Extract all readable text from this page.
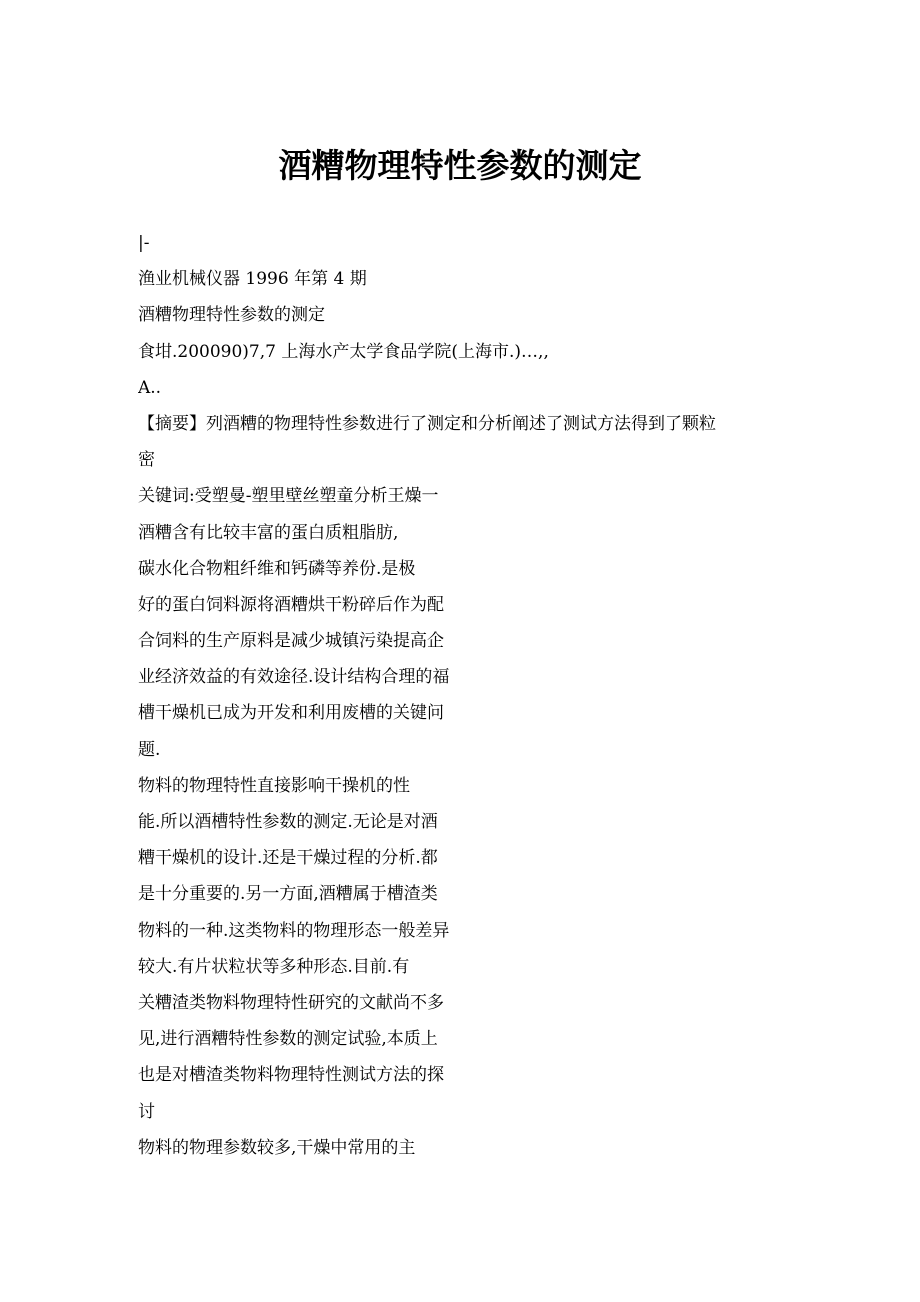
酒糟物理特性参数的测定
|-
渔业机械仪器 1996 年第 4 期
酒糟物理特性参数的测定
食坩.200090)7,7 上海水产太学食品学院(上海市.)…,,
A..
【摘要】列酒糟的物理特性参数进行了测定和分析阐述了测试方法得到了颗粒
密
关键词:受塑曼-塑里壁丝塑童分析王燥一
酒糟含有比较丰富的蛋白质粗脂肪,
碳水化合物粗纤维和钙磷等养份.是极
好的蛋白饲料源将酒糟烘干粉碎后作为配
合饲料的生产原料是减少城镇污染提高企
业经济效益的有效途径.设计结构合理的福
槽干燥机已成为开发和利用废槽的关键问
题.
物料的物理特性直接影响干操机的性
能.所以酒槽特性参数的测定.无论是对酒
糟干燥机的设计.还是干燥过程的分析.都
是十分重要的.另一方面,酒糟属于槽渣类
物料的一种.这类物料的物理形态一般差异
较大.有片状粒状等多种形态.目前.有
关糟渣类物料物理特性研究的文献尚不多
见,进行酒糟特性参数的测定试验,本质上
也是对槽渣类物料物理特性测试方法的探
讨
物料的物理参数较多,干燥中常用的主
